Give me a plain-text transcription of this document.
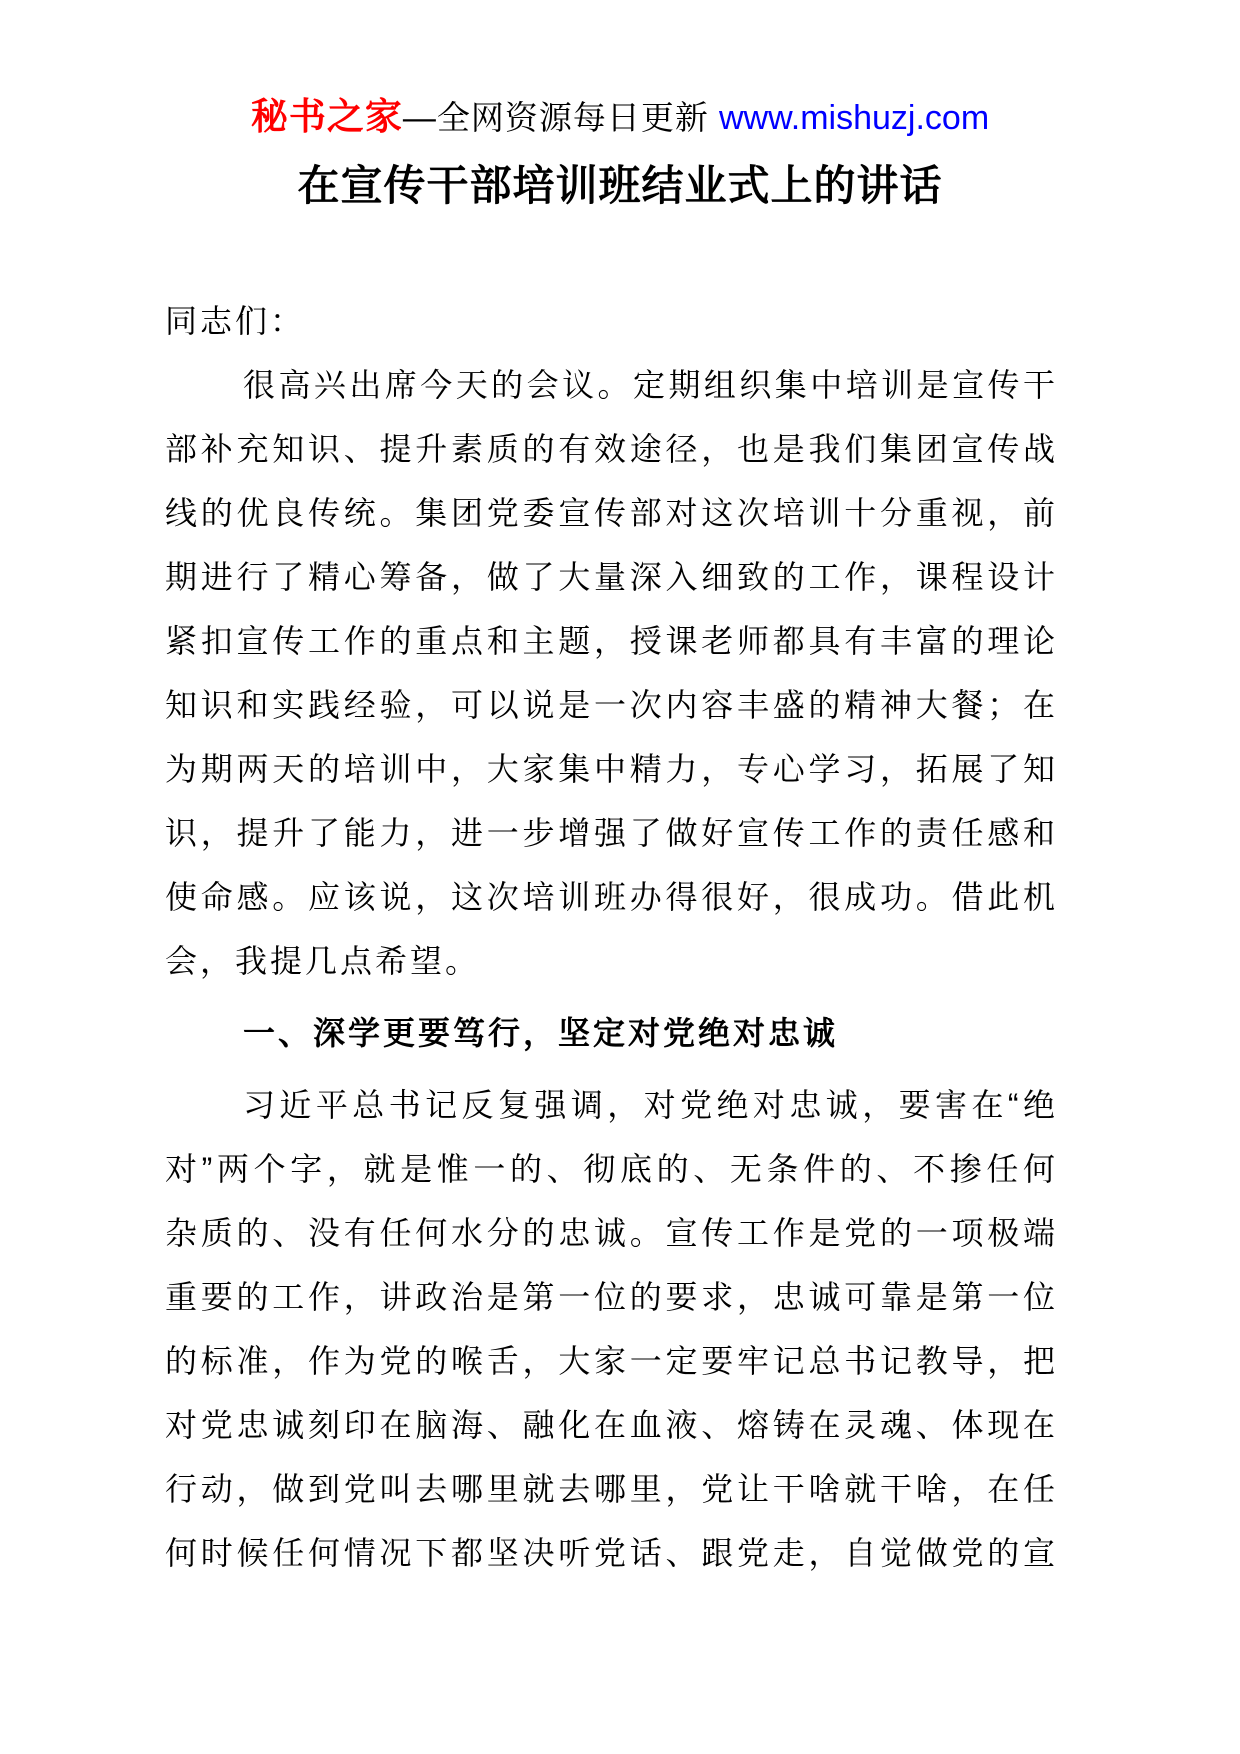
秘书之家—全网资源每日更新 www.mishuzj.com
在宣传干部培训班结业式上的讲话
同志们：
很高兴出席今天的会议。定期组织集中培训是宣传干
部补充知识、提升素质的有效途径，也是我们集团宣传战
线的优良传统。集团党委宣传部对这次培训十分重视，前
期进行了精心筹备，做了大量深入细致的工作，课程设计
紧扣宣传工作的重点和主题，授课老师都具有丰富的理论
知识和实践经验，可以说是一次内容丰盛的精神大餐；在
为期两天的培训中，大家集中精力，专心学习，拓展了知
识，提升了能力，进一步增强了做好宣传工作的责任感和
使命感。应该说，这次培训班办得很好，很成功。借此机
会，我提几点希望。
一、深学更要笃行，坚定对党绝对忠诚
习近平总书记反复强调，对党绝对忠诚，要害在“绝
对”两个字，就是惟一的、彻底的、无条件的、不掺任何
杂质的、没有任何水分的忠诚。宣传工作是党的一项极端
重要的工作，讲政治是第一位的要求，忠诚可靠是第一位
的标准，作为党的喉舌，大家一定要牢记总书记教导，把
对党忠诚刻印在脑海、融化在血液、熔铸在灵魂、体现在
行动，做到党叫去哪里就去哪里，党让干啥就干啥，在任
何时候任何情况下都坚决听党话、跟党走，自觉做党的宣
